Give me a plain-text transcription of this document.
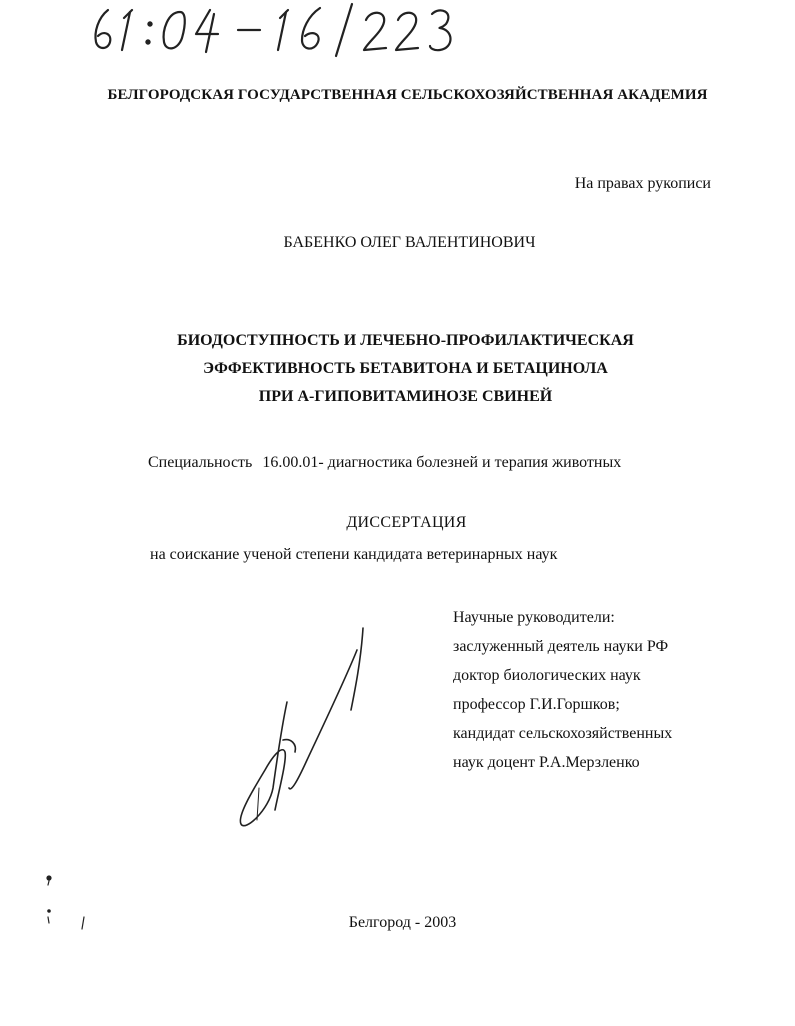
БЕЛГОРОДСКАЯ ГОСУДАРСТВЕННАЯ СЕЛЬСКОХОЗЯЙСТВЕННАЯ АКАДЕМИЯ
На правах рукописи
БАБЕНКО ОЛЕГ ВАЛЕНТИНОВИЧ
БИОДОСТУПНОСТЬ И ЛЕЧЕБНО-ПРОФИЛАКТИЧЕСКАЯ
ЭФФЕКТИВНОСТЬ БЕТАВИТОНА И БЕТАЦИНОЛА
ПРИ А-ГИПОВИТАМИНОЗЕ СВИНЕЙ
Специальность 16.00.01- диагностика болезней и терапия животных
ДИССЕРТАЦИЯ
на соискание ученой степени кандидата ветеринарных наук
Научные руководители:
заслуженный деятель науки РФ
доктор биологических наук
профессор Г.И.Горшков;
кандидат сельскохозяйственных
наук доцент Р.А.Мерзленко
Белгород - 2003
